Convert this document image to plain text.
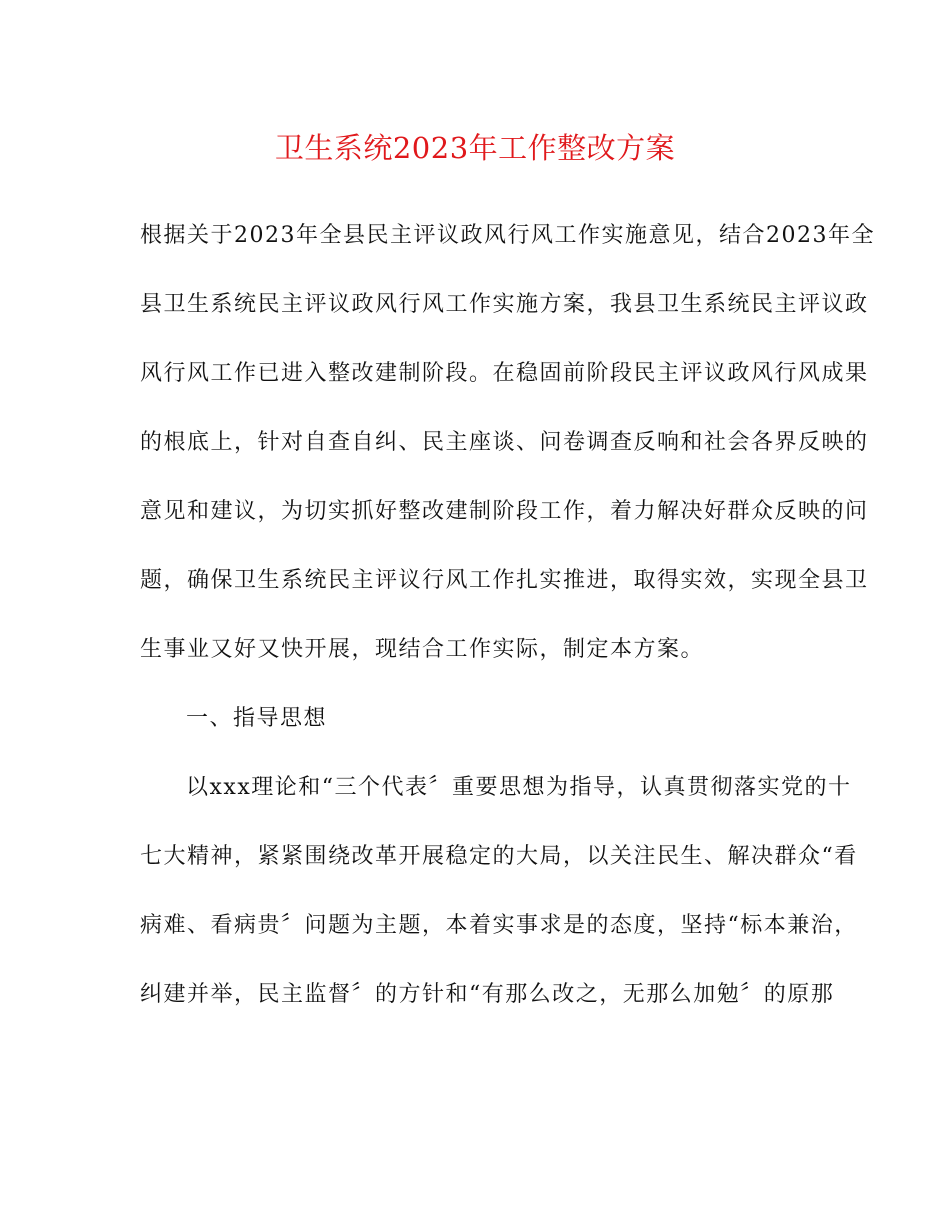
卫生系统2023年工作整改方案
根据关于2023年全县民主评议政风行风工作实施意见，结合2023年全
县卫生系统民主评议政风行风工作实施方案，我县卫生系统民主评议政
风行风工作已进入整改建制阶段。在稳固前阶段民主评议政风行风成果
的根底上，针对自查自纠、民主座谈、问卷调查反响和社会各界反映的
意见和建议，为切实抓好整改建制阶段工作，着力解决好群众反映的问
题，确保卫生系统民主评议行风工作扎实推进，取得实效，实现全县卫
生事业又好又快开展，现结合工作实际，制定本方案。
一、指导思想
以xxx理论和“三个代表〞重要思想为指导，认真贯彻落实党的十
七大精神，紧紧围绕改革开展稳定的大局，以关注民生、解决群众“看
病难、看病贵〞问题为主题，本着实事求是的态度，坚持“标本兼治，
纠建并举，民主监督〞的方针和“有那么改之，无那么加勉〞的原那
